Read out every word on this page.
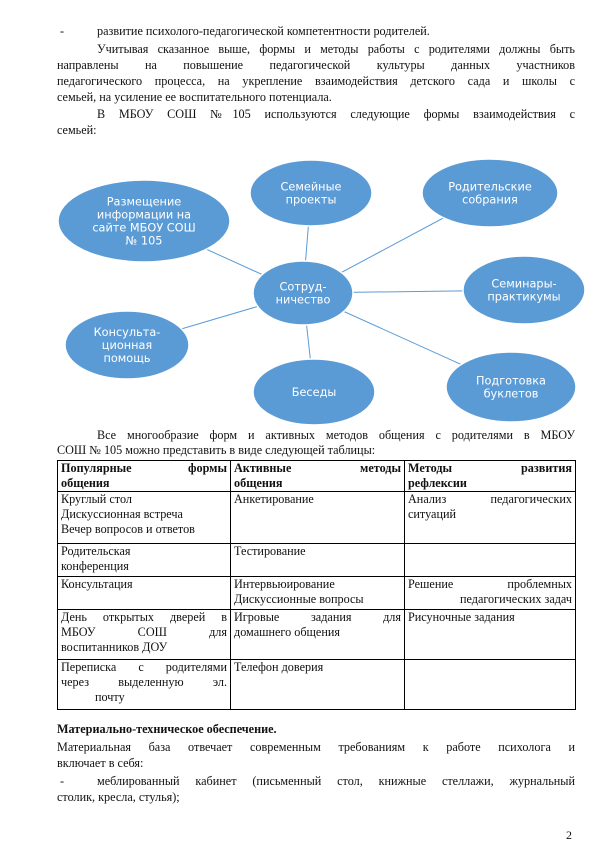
-	развитие психолого-педагогической компетентности родителей.
Учитывая сказанное выше, формы и методы работы с родителями должны быть
направлены на повышение педагогической культуры данных участников
педагогического процесса, на укрепление взаимодействия детского сада и школы с
семьей, на усиление ее воспитательного потенциала.
В МБОУ СОШ №105 используются следующие формы взаимодействия с
семьей:
Размещение
информации на
сайте МБОУ СОШ
№ 105
Семейные
проекты
Родительские
собрания
Семинары-
практикумы
Подготовка
буклетов
Беседы
Консульта-
ционная
помощь
Сотруд-
ничество
Все многообразие форм и активных методов общения с родителями в МБОУ
СОШ № 105 можно представить в виде следующей таблицы:
Популярные формы
общения	Активные методы
общения	Методы развития
рефлексии

Круглый стол
Дискуссионная встреча
Вечер вопросов и ответов	Анкетирование	Анализ педагогических
ситуаций

Родительская
конференция	Тестирование	

Консультация	Интервьюирование
Дискуссионные вопросы	Решение проблемных
педагогических задач

День открытых дверей в
МБОУ СОШ для
воспитанников ДОУ	Игровые задания для
домашнего общения	Рисуночные задания

Переписка с родителями
через выделенную эл.
почту	Телефон доверия	

Материально-техническое обеспечение.
Материальная база отвечает современным требованиям к работе психолога и
включает в себя:
-	меблированный кабинет (письменный стол, книжные стеллажи, журнальный
столик, кресла, стулья);
2
